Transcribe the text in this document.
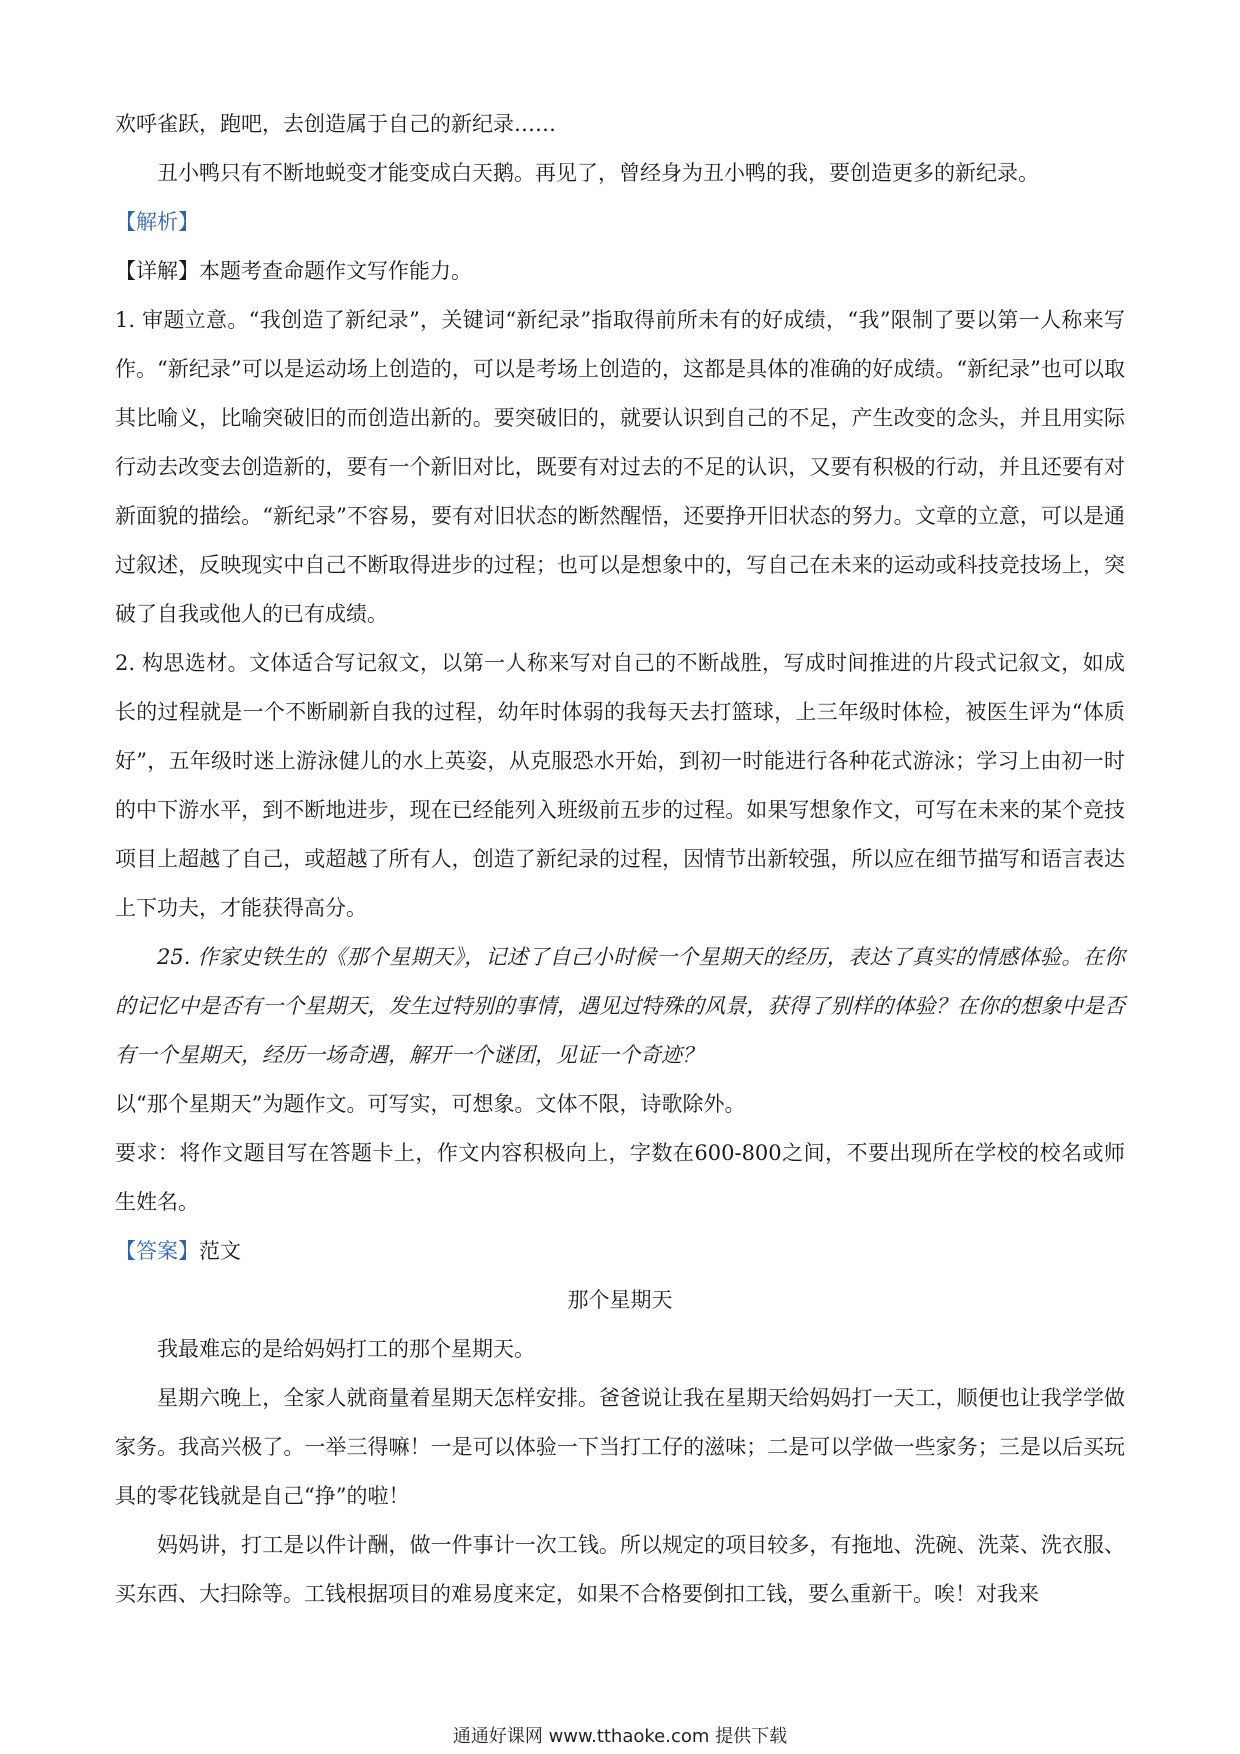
欢呼雀跃，跑吧，去创造属于自己的新纪录……

丑小鸭只有不断地蜕变才能变成白天鹅。再见了，曾经身为丑小鸭的我，要创造更多的新纪录。

【解析】

【详解】本题考查命题作文写作能力。

1. 审题立意。“我创造了新纪录”，关键词“新纪录”指取得前所未有的好成绩，“我”限制了要以第一人称来写作。“新纪录”可以是运动场上创造的，可以是考场上创造的，这都是具体的准确的好成绩。“新纪录”也可以取其比喻义，比喻突破旧的而创造出新的。要突破旧的，就要认识到自己的不足，产生改变的念头，并且用实际行动去改变去创造新的，要有一个新旧对比，既要有对过去的不足的认识，又要有积极的行动，并且还要有对新面貌的描绘。“新纪录”不容易，要有对旧状态的断然醒悟，还要挣开旧状态的努力。文章的立意，可以是通过叙述，反映现实中自己不断取得进步的过程；也可以是想象中的，写自己在未来的运动或科技竞技场上，突破了自我或他人的已有成绩。

2. 构思选材。文体适合写记叙文，以第一人称来写对自己的不断战胜，写成时间推进的片段式记叙文，如成长的过程就是一个不断刷新自我的过程，幼年时体弱的我每天去打篮球，上三年级时体检，被医生评为“体质好”，五年级时迷上游泳健儿的水上英姿，从克服恐水开始，到初一时能进行各种花式游泳；学习上由初一时的中下游水平，到不断地进步，现在已经能列入班级前五步的过程。如果写想象作文，可写在未来的某个竞技项目上超越了自己，或超越了所有人，创造了新纪录的过程，因情节出新较强，所以应在细节描写和语言表达上下功夫，才能获得高分。

25. 作家史铁生的《那个星期天》，记述了自己小时候一个星期天的经历，表达了真实的情感体验。在你的记忆中是否有一个星期天，发生过特别的事情，遇见过特殊的风景，获得了别样的体验？在你的想象中是否有一个星期天，经历一场奇遇，解开一个谜团，见证一个奇迹？

以“那个星期天”为题作文。可写实，可想象。文体不限，诗歌除外。

要求：将作文题目写在答题卡上，作文内容积极向上，字数在600-800之间，不要出现所在学校的校名或师生姓名。

【答案】范文

那个星期天

我最难忘的是给妈妈打工的那个星期天。

星期六晚上，全家人就商量着星期天怎样安排。爸爸说让我在星期天给妈妈打一天工，顺便也让我学学做家务。我高兴极了。一举三得嘛！一是可以体验一下当打工仔的滋味；二是可以学做一些家务；三是以后买玩具的零花钱就是自己“挣”的啦！

妈妈讲，打工是以件计酬，做一件事计一次工钱。所以规定的项目较多，有拖地、洗碗、洗菜、洗衣服、买东西、大扫除等。工钱根据项目的难易度来定，如果不合格要倒扣工钱，要么重新干。唉！对我来

通通好课网 www.tthaoke.com 提供下载
